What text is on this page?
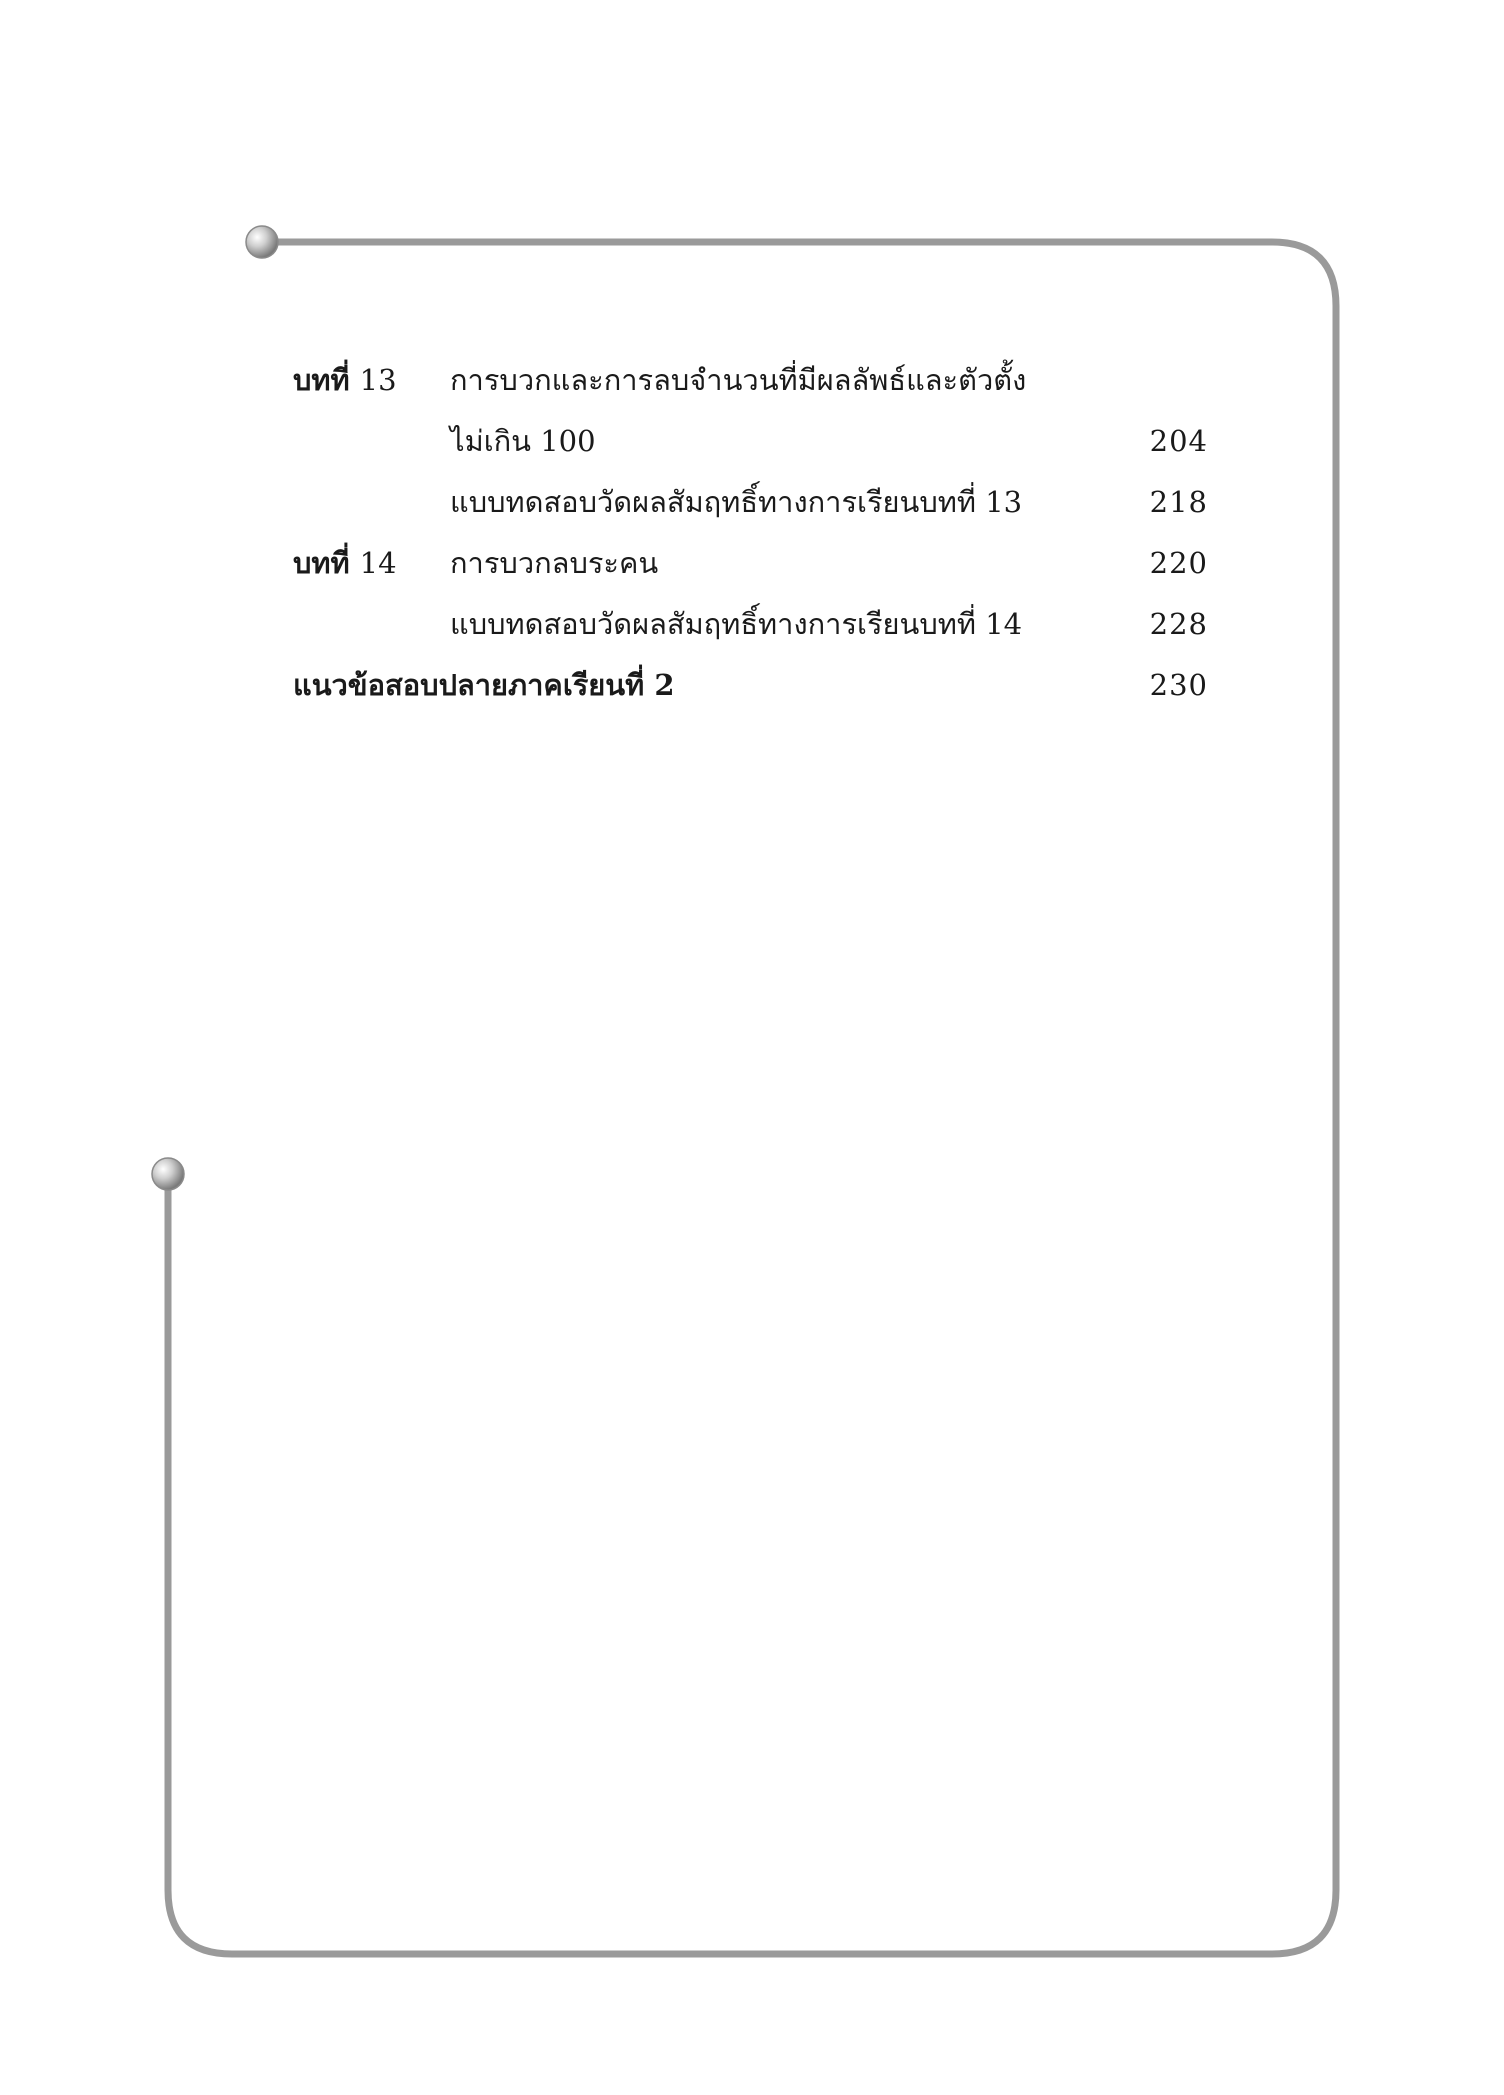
บทที่ 13 การบวกและการลบจำนวนที่มีผลลัพธ์และตัวตั้ง
ไม่เกิน 100	204
แบบทดสอบวัดผลสัมฤทธิ์ทางการเรียนบทที่ 13	218
บทที่ 14 การบวกลบระคน	220
แบบทดสอบวัดผลสัมฤทธิ์ทางการเรียนบทที่ 14	228
แนวข้อสอบปลายภาคเรียนที่ 2	230
